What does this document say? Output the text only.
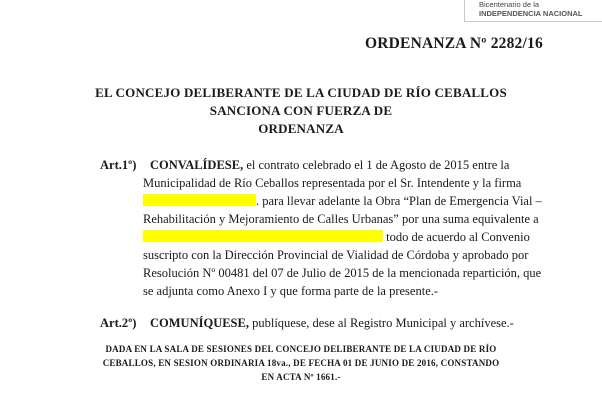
Bicentenario de la
INDEPENDENCIA NACIONAL
ORDENANZA Nº 2282/16
EL CONCEJO DELIBERANTE DE LA CIUDAD DE RÍO CEBALLOS
SANCIONA CON FUERZA DE
ORDENANZA
Art.1º) CONVALÍDESE, el contrato celebrado el 1 de Agosto de 2015 entre la
Municipalidad de Río Ceballos representada por el Sr. Intendente y la firma
. para llevar adelante la Obra “Plan de Emergencia Vial –
Rehabilitación y Mejoramiento de Calles Urbanas” por una suma equivalente a
todo de acuerdo al Convenio
suscripto con la Dirección Provincial de Vialidad de Córdoba y aprobado por
Resolución Nº 00481 del 07 de Julio de 2015 de la mencionada repartición, que
se adjunta como Anexo I y que forma parte de la presente.-
Art.2º) COMUNÍQUESE, publíquese, dese al Registro Municipal y archívese.-
DADA EN LA SALA DE SESIONES DEL CONCEJO DELIBERANTE DE LA CIUDAD DE RÍO
CEBALLOS, EN SESION ORDINARIA 18va., DE FECHA 01 DE JUNIO DE 2016, CONSTANDO
EN ACTA Nº 1661.-
